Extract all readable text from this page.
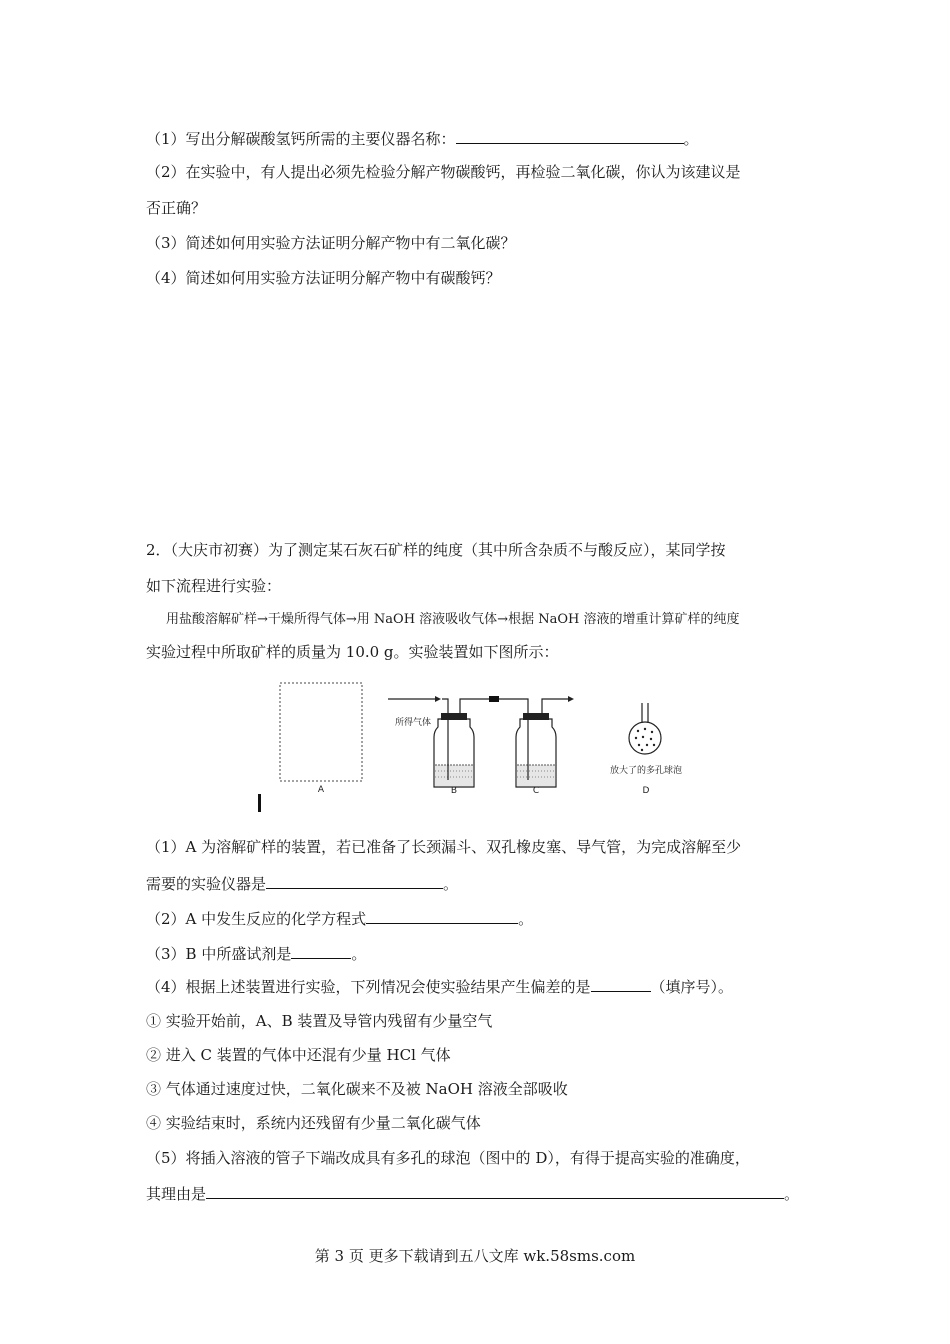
（1）写出分解碳酸氢钙所需的主要仪器名称：	。
（2）在实验中，有人提出必须先检验分解产物碳酸钙，再检验二氧化碳，你认为该建议是
否正确？
（3）简述如何用实验方法证明分解产物中有二氧化碳？
（4）简述如何用实验方法证明分解产物中有碳酸钙？
2．（大庆市初赛）为了测定某石灰石矿样的纯度（其中所含杂质不与酸反应），某同学按
如下流程进行实验：
用盐酸溶解矿样→干燥所得气体→用 NaOH 溶液吸收气体→根据 NaOH 溶液的增重计算矿样的纯度
实验过程中所取矿样的质量为 10.0 g。实验装置如下图所示：
A
所得气体
B	C
放大了的多孔球泡
D
（1）A 为溶解矿样的装置，若已准备了长颈漏斗、双孔橡皮塞、导气管，为完成溶解至少
需要的实验仪器是	。
（2）A 中发生反应的化学方程式	。
（3）B 中所盛试剂是	。
（4）根据上述装置进行实验，下列情况会使实验结果产生偏差的是	（填序号）。
① 实验开始前，A、B 装置及导管内残留有少量空气
② 进入 C 装置的气体中还混有少量 HCl 气体
③ 气体通过速度过快，二氧化碳来不及被 NaOH 溶液全部吸收
④ 实验结束时，系统内还残留有少量二氧化碳气体
（5）将插入溶液的管子下端改成具有多孔的球泡（图中的 D），有得于提高实验的准确度，
其理由是	。
第 3 页 更多下载请到五八文库 wk.58sms.com
